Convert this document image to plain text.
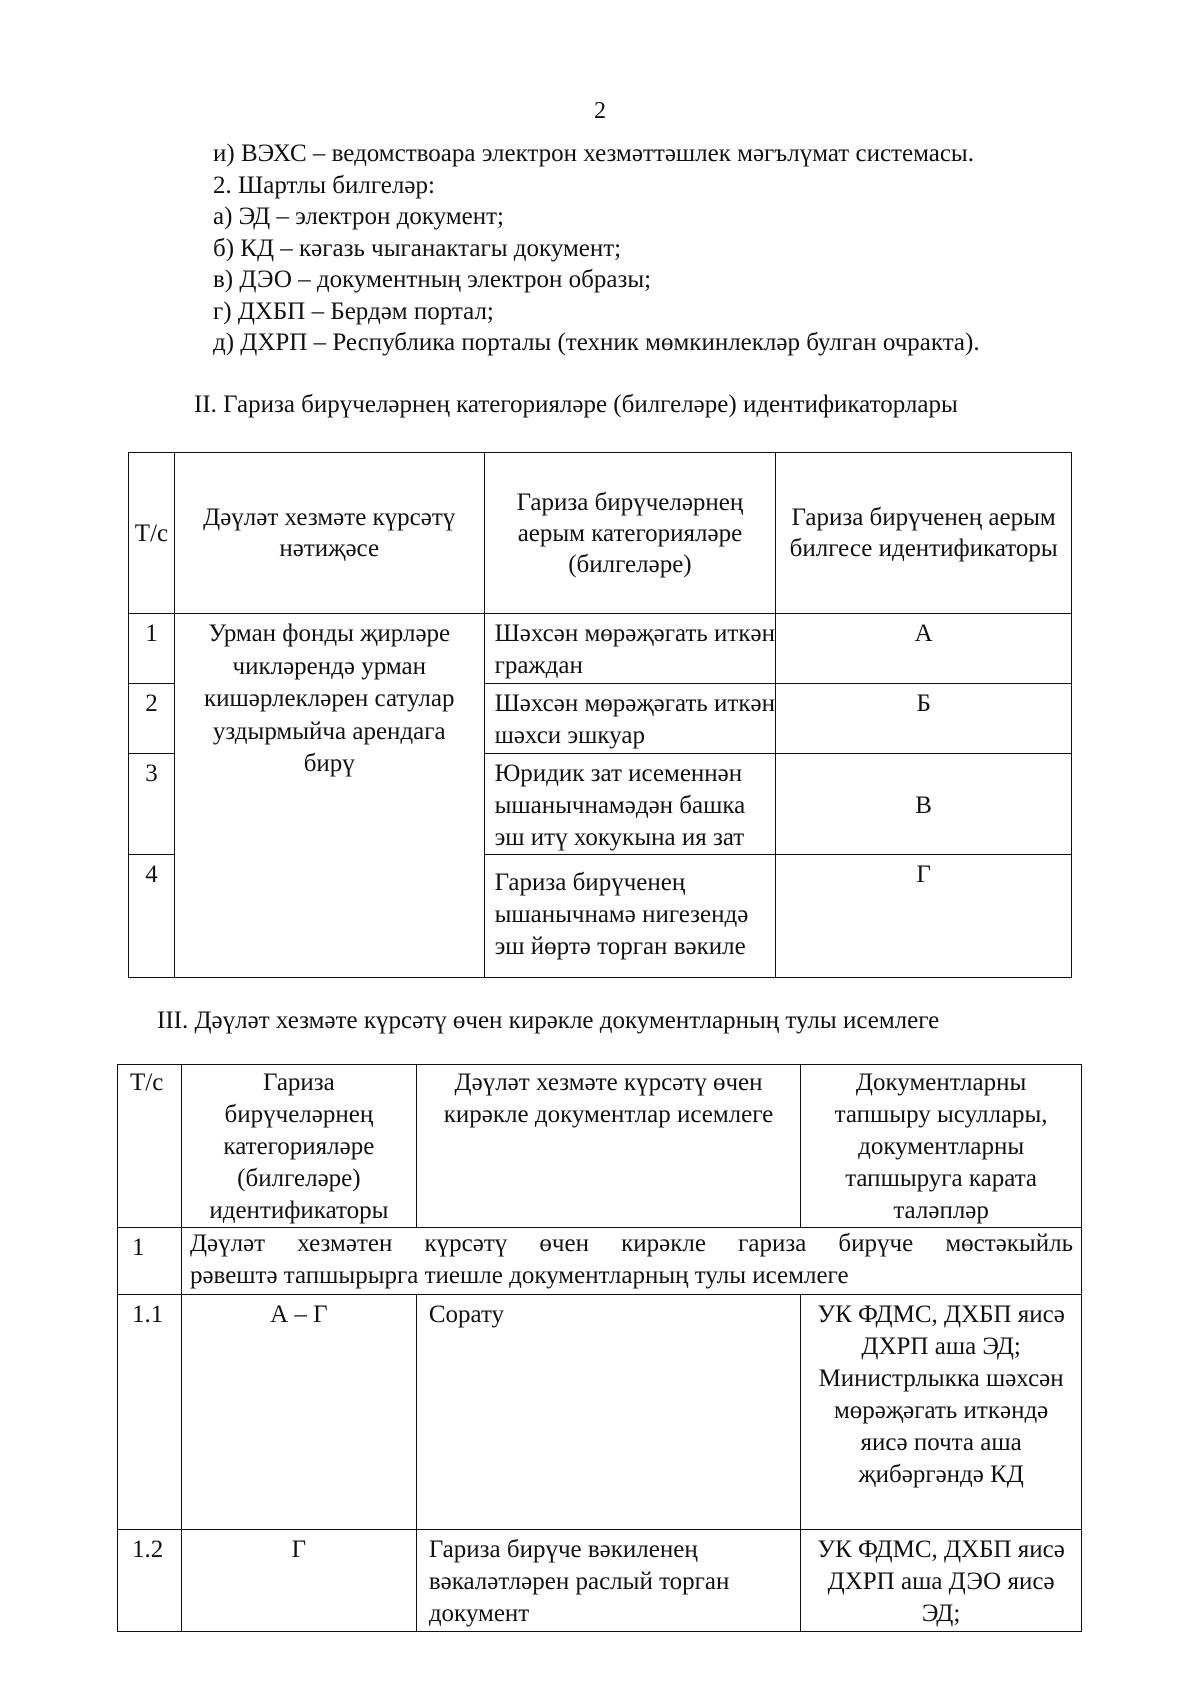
2
и) ВЭХС – ведомствоара электрон хезмәттәшлек мәгълүмат системасы.
2. Шартлы билгеләр:
а) ЭД – электрон документ;
б) КД – кәгазь чыганактагы документ;
в) ДЭО – документның электрон образы;
г) ДХБП – Бердәм портал;
д) ДХРП – Республика порталы (техник мөмкинлекләр булган очракта).
II. Гариза бирүчеләрнең категорияләре (билгеләре) идентификаторлары
Т/с	Дәүләт хезмәте күрсәтү нәтиҗәсе	Гариза бирүчеләрнең аерым категорияләре (билгеләре)	Гариза бирүченең аерым билгесе идентификаторы
1	Урман фонды җирләре чикләрендә урман кишәрлекләрен сатулар уздырмыйча арендага бирү	Шәхсән мөрәҗәгать иткән граждан	А
2		Шәхсән мөрәҗәгать иткән шәхси эшкуар	Б
3		Юридик зат исеменнән ышанычнамәдән башка эш итү хокукына ия зат	В
4		Гариза бирүченең ышанычнамә нигезендә эш йөртә торган вәкиле	Г
III. Дәүләт хезмәте күрсәтү өчен кирәкле документларның тулы исемлеге
Т/с	Гариза бирүчеләрнең категорияләре (билгеләре) идентификаторы	Дәүләт хезмәте күрсәтү өчен кирәкле документлар исемлеге	Документларны тапшыру ысуллары, документларны тапшыруга карата таләпләр
1	Дәүләт хезмәтен күрсәтү өчен кирәкле гариза бирүче мөстәкыйль
рәвештә тапшырырга тиешле документларның тулы исемлеге		

1.1	А – Г	Сорату	УК ФДМС, ДХБП яисә ДХРП аша ЭД; Министрлыкка шәхсән мөрәҗәгать иткәндә яисә почта аша җибәргәндә КД
1.2	Г	Гариза бирүче вәкиленең вәкаләтләрен раслый торган документ	УК ФДМС, ДХБП яисә ДХРП аша ДЭО яисә ЭД;
